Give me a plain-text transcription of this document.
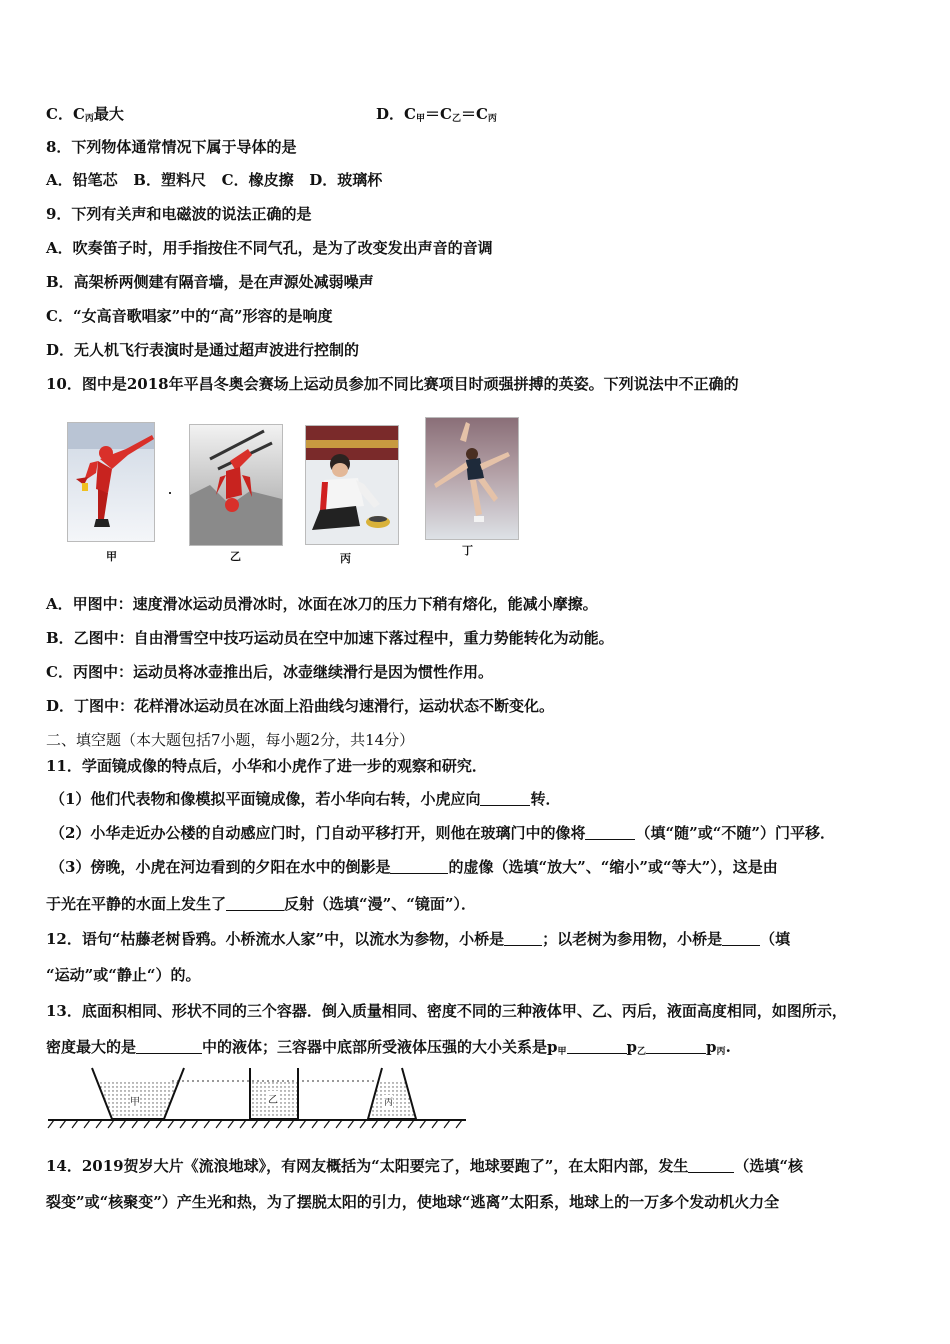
C．$C_丙$最大	D．$C_甲=C_乙=C_丙$
8．下列物体通常情况下属于导体的是
A．铅笔芯   B．塑料尺   C．橡皮擦   D．玻璃杯
9．下列有关声和电磁波的说法正确的是
A．吹奏笛子时，用手指按住不同气孔，是为了改变发出声音的音调
B．高架桥两侧建有隔音墙，是在声源处减弱噪声
C．“女高音歌唱家”中的“高”形容的是响度
D．无人机飞行表演时是通过超声波进行控制的
10．图中是2018年平昌冬奥会赛场上运动员参加不同比赛项目时顽强拼搏的英姿。下列说法中不正确的
甲	乙	丙
丁
A．甲图中：速度滑冰运动员滑冰时，冰面在冰刀的压力下稍有熔化，能减小摩擦。
B．乙图中：自由滑雪空中技巧运动员在空中加速下落过程中，重力势能转化为动能。
C．丙图中：运动员将冰壶推出后，冰壶继续滑行是因为惯性作用。
D．丁图中：花样滑冰运动员在冰面上沿曲线匀速滑行，运动状态不断变化。
二、填空题（本大题包括7小题，每小题2分，共14分）
11．学面镜成像的特点后，小华和小虎作了进一步的观察和研究．
（1）他们代表物和像模拟平面镜成像，若小华向右转，小虎应向	转．
（2）小华走近办公楼的自动感应门时，门自动平移打开，则他在玻璃门中的像将	（填“随”或“不随”）门平移．
（3）傍晚，小虎在河边看到的夕阳在水中的倒影是	的虚像（选填“放大”、“缩小”或“等大”），这是由
于光在平静的水面上发生了	反射（选填“漫”、“镜面”）．
12．语句“枯藤老树昏鸦。小桥流水人家”中，以流水为参物，小桥是	；以老树为参用物，小桥是	（填
“运动”或“静止“）的。
13．底面积相同、形状不同的三个容器．倒入质量相同、密度不同的三种液体甲、乙、丙后，液面高度相同，如图所示，
密度最大的是	中的液体；三容器中底部所受液体压强的大小关系是$p_甲$	$p_乙$	$p_丙$.
甲	乙	丙
14．2019贺岁大片《流浪地球》，有网友概括为“太阳要完了，地球要跑了”，在太阳内部，发生	（选填“核
裂变”或“核聚变”）产生光和热，为了摆脱太阳的引力，使地球“逃离”太阳系，地球上的一万多个发动机火力全
